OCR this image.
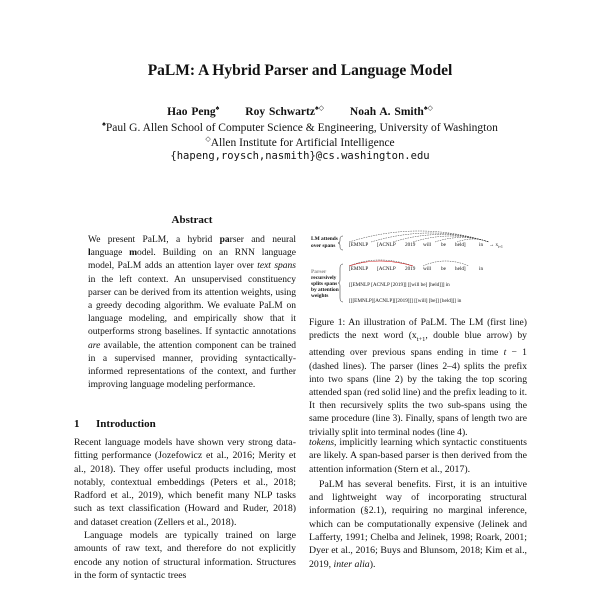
PaLM: A Hybrid Parser and Language Model
Hao Peng♠ Roy Schwartz♠◇ Noah A. Smith♠◇
♠Paul G. Allen School of Computer Science & Engineering, University of Washington
◇Allen Institute for Artificial Intelligence
{hapeng,roysch,nasmith}@cs.washington.edu
Abstract
We present PaLM, a hybrid parser and neural language model. Building on an RNN language model, PaLM adds an attention layer over text spans in the left context. An unsupervised constituency parser can be derived from its attention weights, using a greedy decoding algorithm. We evaluate PaLM on language modeling, and empirically show that it outperforms strong baselines. If syntactic annotations are available, the attention component can be trained in a supervised manner, providing syntactically-informed representations of the context, and further improving language modeling performance.
LM attends
over spans	[EMNLP [ACNLP 2019 will be held]	in → x t+1
Parser
recursively
splits spans
by attention
weights
[EMNLP [ACNLP 2019 will be held]	in
[[EMNLP [ACNLP [2019]] [[will be] [held]]] in
[[[EMNLP][ACNLP][[2019]]] [[will] [be]] [held]]] in
Figure 1: An illustration of PaLM. The LM (first line) predicts the next word ($x_{t+1}$, double blue arrow) by attending over previous spans ending in time t − 1 (dashed lines). The parser (lines 2–4) splits the prefix into two spans (line 2) by the taking the top scoring attended span (red solid line) and the prefix leading to it. It then recursively splits the two sub-spans using the same procedure (line 3). Finally, spans of length two are trivially split into terminal nodes (line 4).
1 Introduction

Recent language models have shown very strong data-fitting performance (Jozefowicz et al., 2016; Merity et al., 2018). They offer useful products including, most notably, contextual embeddings (Peters et al., 2018; Radford et al., 2019), which benefit many NLP tasks such as text classification (Howard and Ruder, 2018) and dataset creation (Zellers et al., 2018).

Language models are typically trained on large amounts of raw text, and therefore do not explicitly encode any notion of structural information. Structures in the form of syntactic trees

tokens, implicitly learning which syntactic constituents are likely. A span-based parser is then derived from the attention information (Stern et al., 2017).

PaLM has several benefits. First, it is an intuitive and lightweight way of incorporating structural information (§2.1), requiring no marginal inference, which can be computationally expensive (Jelinek and Lafferty, 1991; Chelba and Jelinek, 1998; Roark, 2001; Dyer et al., 2016; Buys and Blunsom, 2018; Kim et al., 2019, inter alia).
